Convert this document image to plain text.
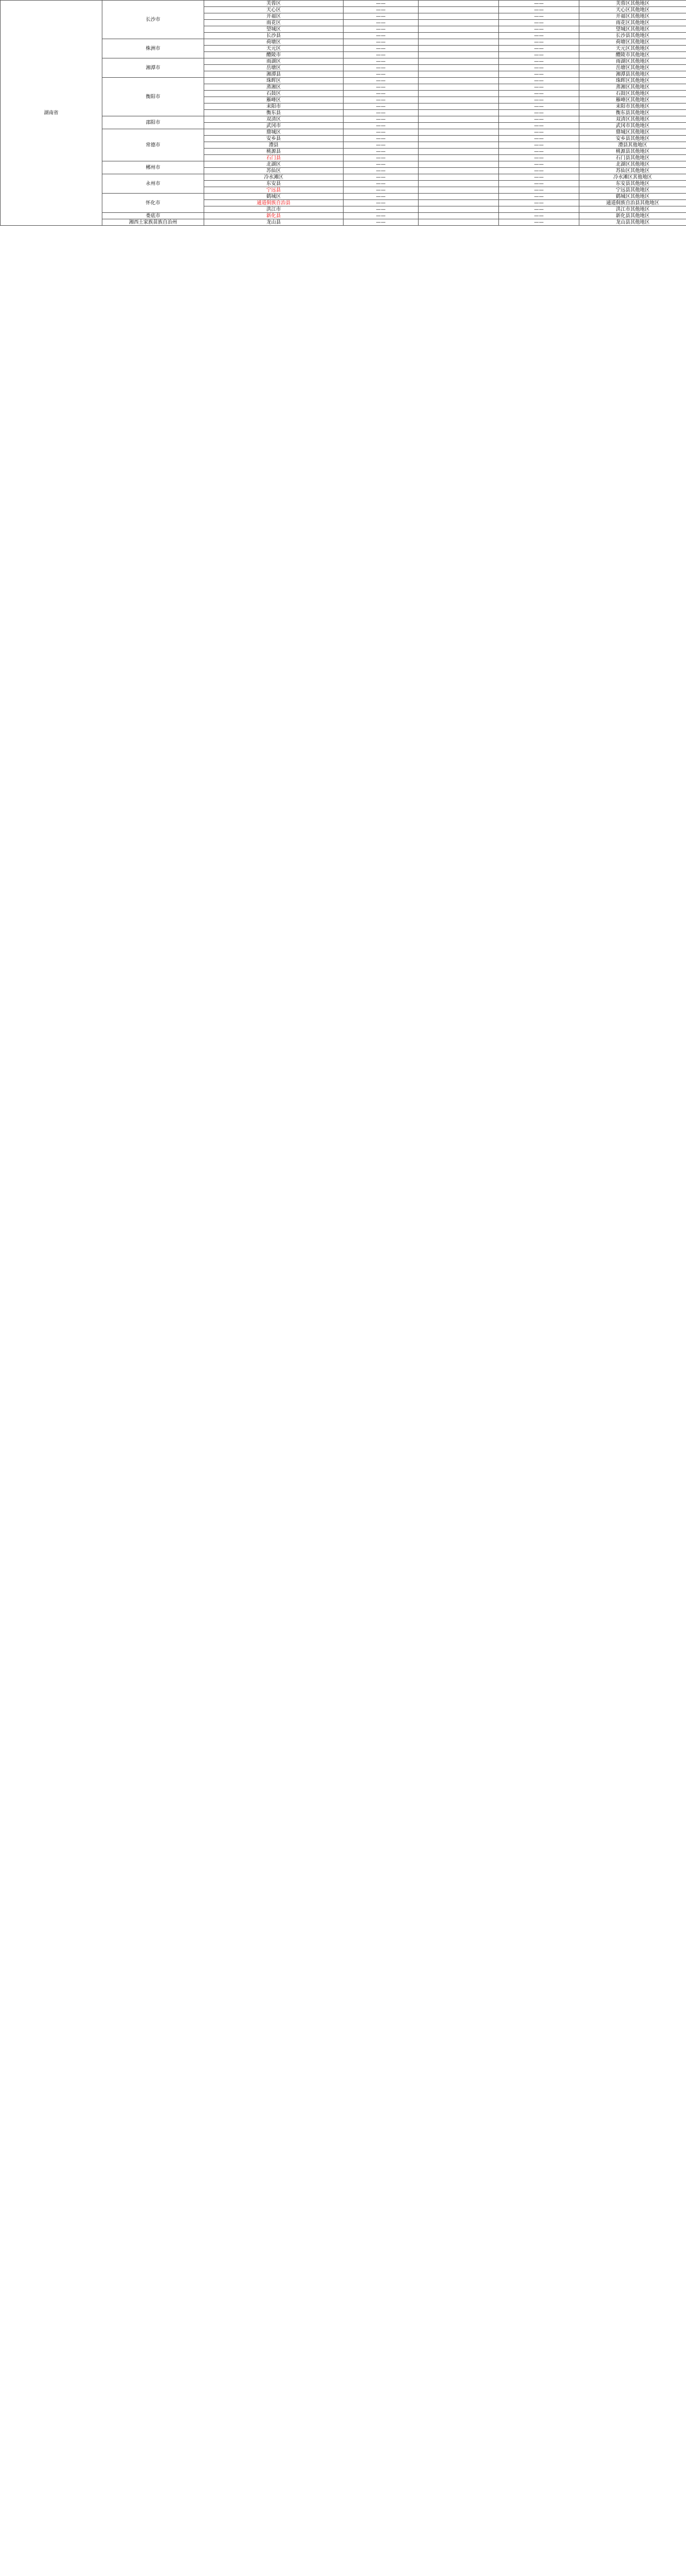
湖南省	长沙市	芙蓉区	——		——	芙蓉区其他地区	
		天心区	——		——	天心区其他地区	
		开福区	——		——	开福区其他地区	
		雨花区	——		——	雨花区其他地区	
		望城区	——		——	望城区其他地区	
		长沙县	——		——	长沙县其他地区	
	株洲市	荷塘区	——		——	荷塘区其他地区	
		天元区	——		——	天元区其他地区	
		醴陵市	——		——	醴陵市其他地区	
	湘潭市	雨湖区	——		——	雨湖区其他地区	
		岳塘区	——		——	岳塘区其他地区	
		湘潭县	——		——	湘潭县其他地区	
	衡阳市	珠晖区	——		——	珠晖区其他地区	
		蒸湘区	——		——	蒸湘区其他地区	
		石鼓区	——		——	石鼓区其他地区	
		雁峰区	——		——	雁峰区其他地区	
		耒阳市	——		——	耒阳市其他地区	
		衡东县	——		——	衡东县其他地区	
	邵阳市	双清区	——		——	双清区其他地区	
		武冈市	——		——	武冈市其他地区	
	常德市	鼎城区	——		——	鼎城区其他地区	
		安乡县	——		——	安乡县其他地区	
		澧县	——		——	澧县其他地区	
		桃源县	——		——	桃源县其他地区	
		石门县	——		——	石门县其他地区	
	郴州市	北湖区	——		——	北湖区其他地区	
		苏仙区	——		——	苏仙区其他地区	
	永州市	冷水滩区	——		——	冷水滩区其他地区	
		东安县	——		——	东安县其他地区	
		宁远县	——		——	宁远县其他地区	
	怀化市	鹤城区	——		——	鹤城区其他地区	
		通道侗族自治县	——		——	通道侗族自治县其他地区	
		洪江市	——		——	洪江市其他地区	
	娄底市	新化县	——		——	新化县其他地区	
	湘西土家族苗族自治州	龙山县	——		——	龙山县其他地区	
